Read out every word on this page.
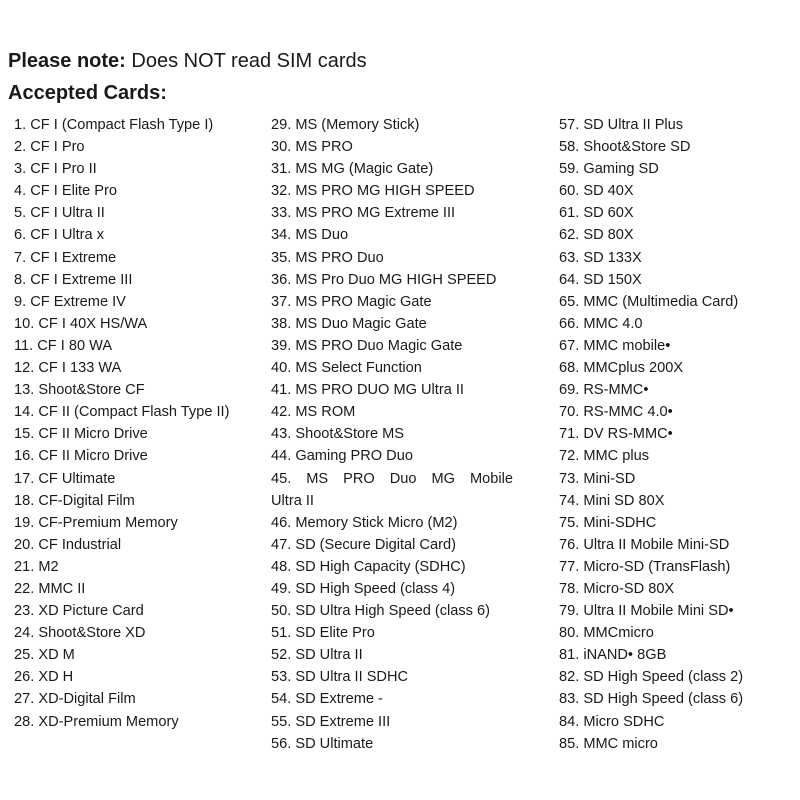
Please note: Does NOT read SIM cards
Accepted Cards:
1. CF I (Compact Flash Type I)
2. CF I Pro
3. CF I Pro II
4. CF I Elite Pro
5. CF I Ultra II
6. CF I Ultra x
7. CF I Extreme
8. CF I Extreme III
9. CF Extreme IV
10. CF I 40X HS/WA
11. CF I 80 WA
12. CF I 133 WA
13. Shoot&Store CF
14. CF II (Compact Flash Type II)
15. CF II Micro Drive
16. CF II Micro Drive
17. CF Ultimate
18. CF-Digital Film
19. CF-Premium Memory
20. CF Industrial
21. M2
22. MMC II
23. XD Picture Card
24. Shoot&Store XD
25. XD M
26. XD H
27. XD-Digital Film
28. XD-Premium Memory
29. MS (Memory Stick)
30. MS PRO
31. MS MG (Magic Gate)
32. MS PRO MG HIGH SPEED
33. MS PRO MG Extreme III
34. MS Duo
35. MS PRO Duo
36. MS Pro Duo MG HIGH SPEED
37. MS PRO Magic Gate
38. MS Duo Magic Gate
39. MS PRO Duo Magic Gate
40. MS Select Function
41. MS PRO DUO MG Ultra II
42. MS ROM
43. Shoot&Store MS
44. Gaming PRO Duo
45. MS PRO Duo MG Mobile
Ultra II
46. Memory Stick Micro (M2)
47. SD (Secure Digital Card)
48. SD High Capacity (SDHC)
49. SD High Speed (class 4)
50. SD Ultra High Speed (class 6)
51. SD Elite Pro
52. SD Ultra II
53. SD Ultra II SDHC
54. SD Extreme -
55. SD Extreme III
56. SD Ultimate
57. SD Ultra II Plus
58. Shoot&Store SD
59. Gaming SD
60. SD 40X
61. SD 60X
62. SD 80X
63. SD 133X
64. SD 150X
65. MMC (Multimedia Card)
66. MMC 4.0
67. MMC mobile•
68. MMCplus 200X
69. RS-MMC•
70. RS-MMC 4.0•
71. DV RS-MMC•
72. MMC plus
73. Mini-SD
74. Mini SD 80X
75. Mini-SDHC
76. Ultra II Mobile Mini-SD
77. Micro-SD (TransFlash)
78. Micro-SD 80X
79. Ultra II Mobile Mini SD•
80. MMCmicro
81. iNAND• 8GB
82. SD High Speed (class 2)
83. SD High Speed (class 6)
84. Micro SDHC
85. MMC micro
